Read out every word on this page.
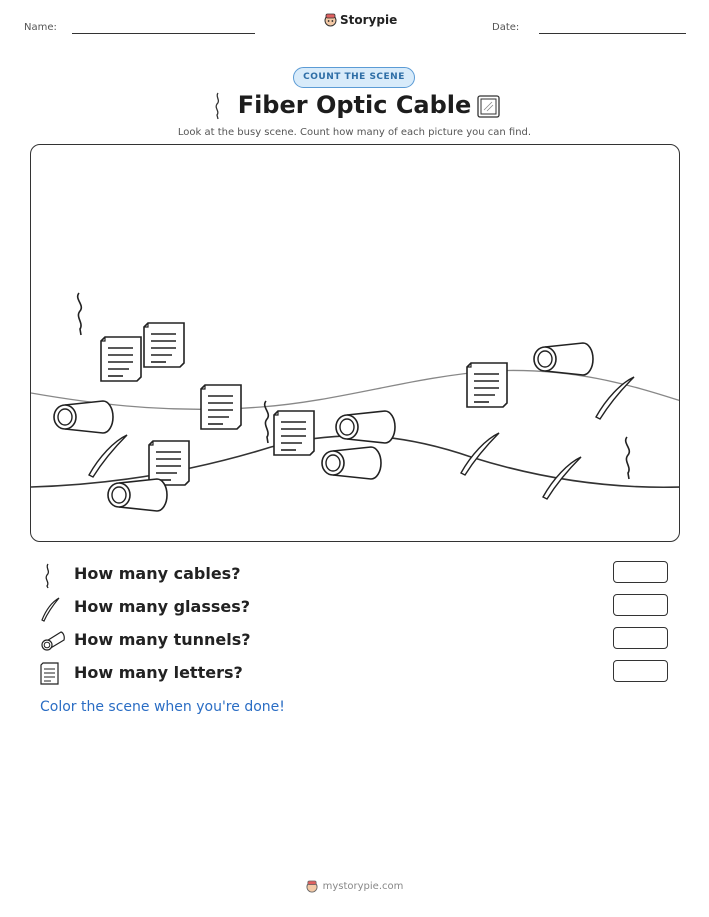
Name:	Date:
Storypie
COUNT THE SCENE
Fiber Optic Cable
Look at the busy scene. Count how many of each picture you can find.
How many cables?
How many glasses?
How many tunnels?
How many letters?
Color the scene when you're done!
mystorypie.com
